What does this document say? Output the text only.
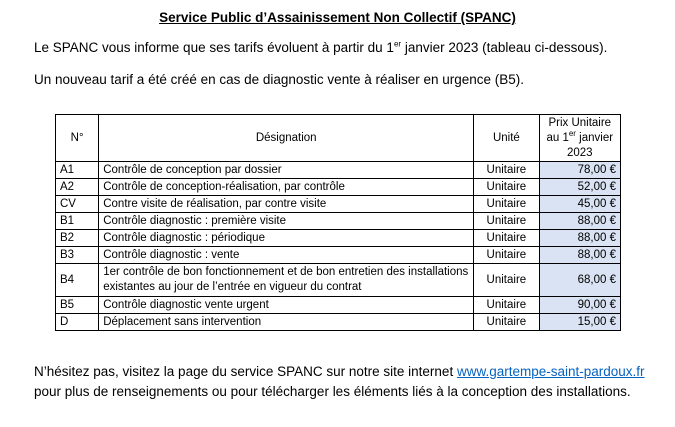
Service Public d’Assainissement Non Collectif (SPANC)
Le SPANC vous informe que ses tarifs évoluent à partir du 1er janvier 2023 (tableau ci-dessous).
Un nouveau tarif a été créé en cas de diagnostic vente à réaliser en urgence (B5).
N°	Désignation	Unité	Prix Unitaire
au 1er janvier
2023
A1	Contrôle de conception par dossier	Unitaire	78,00 €
A2	Contrôle de conception-réalisation, par contrôle	Unitaire	52,00 €
CV	Contre visite de réalisation, par contre visite	Unitaire	45,00 €
B1	Contrôle diagnostic : première visite	Unitaire	88,00 €
B2	Contrôle diagnostic : périodique	Unitaire	88,00 €
B3	Contrôle diagnostic : vente	Unitaire	88,00 €
B4	1er contrôle de bon fonctionnement et de bon entretien des installations existantes au jour de l’entrée en vigueur du contrat	Unitaire	68,00 €
B5	Contrôle diagnostic vente urgent	Unitaire	90,00 €
D	Déplacement sans intervention	Unitaire	15,00 €
N’hésitez pas, visitez la page du service SPANC sur notre site internet www.gartempe-saint-pardoux.fr
pour plus de renseignements ou pour télécharger les éléments liés à la conception des installations.
